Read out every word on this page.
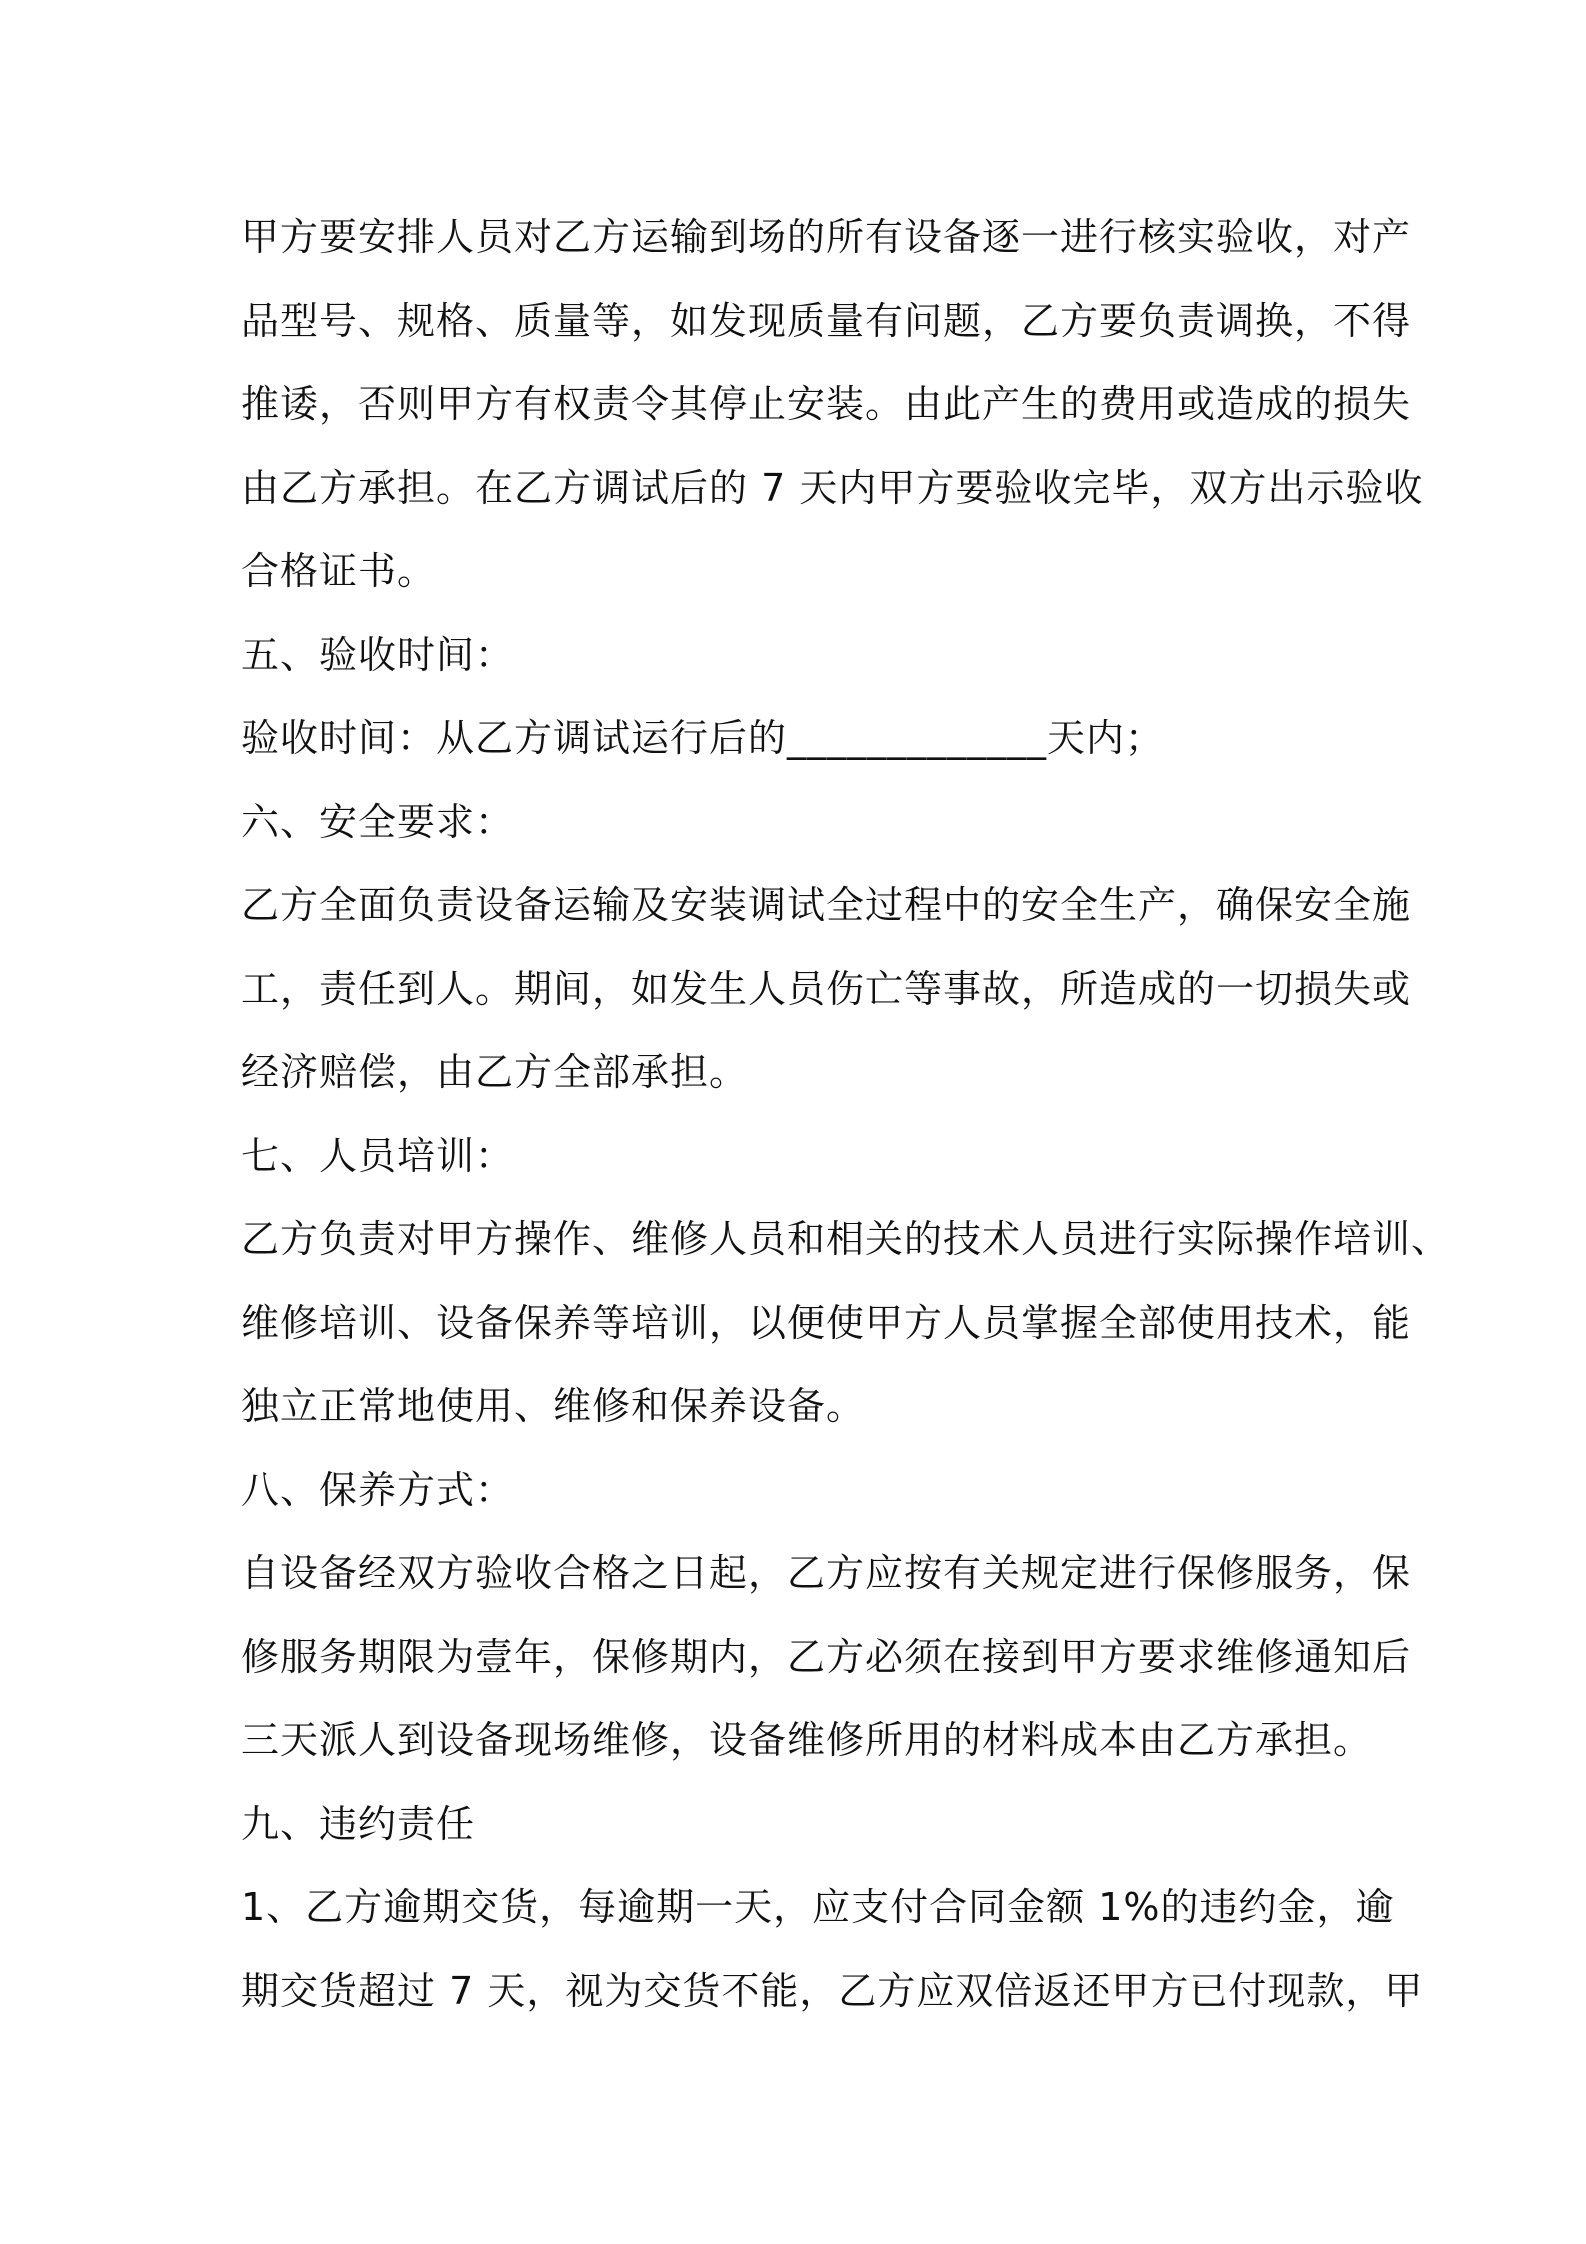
甲方要安排人员对乙方运输到场的所有设备逐一进行核实验收，对产

品型号、规格、质量等，如发现质量有问题，乙方要负责调换，不得

推诿，否则甲方有权责令其停止安装。由此产生的费用或造成的损失

由乙方承担。在乙方调试后的 7 天内甲方要验收完毕，双方出示验收

合格证书。

五、验收时间：

验收时间：从乙方调试运行后的_____________天内；

六、安全要求：

乙方全面负责设备运输及安装调试全过程中的安全生产，确保安全施

工，责任到人。期间，如发生人员伤亡等事故，所造成的一切损失或

经济赔偿，由乙方全部承担。

七、人员培训：

乙方负责对甲方操作、维修人员和相关的技术人员进行实际操作培训、

维修培训、设备保养等培训，以便使甲方人员掌握全部使用技术，能

独立正常地使用、维修和保养设备。

八、保养方式：

自设备经双方验收合格之日起，乙方应按有关规定进行保修服务，保

修服务期限为壹年，保修期内，乙方必须在接到甲方要求维修通知后

三天派人到设备现场维修，设备维修所用的材料成本由乙方承担。

九、违约责任

1、乙方逾期交货，每逾期一天，应支付合同金额 1%的违约金，逾

期交货超过 7 天，视为交货不能，乙方应双倍返还甲方已付现款，甲
